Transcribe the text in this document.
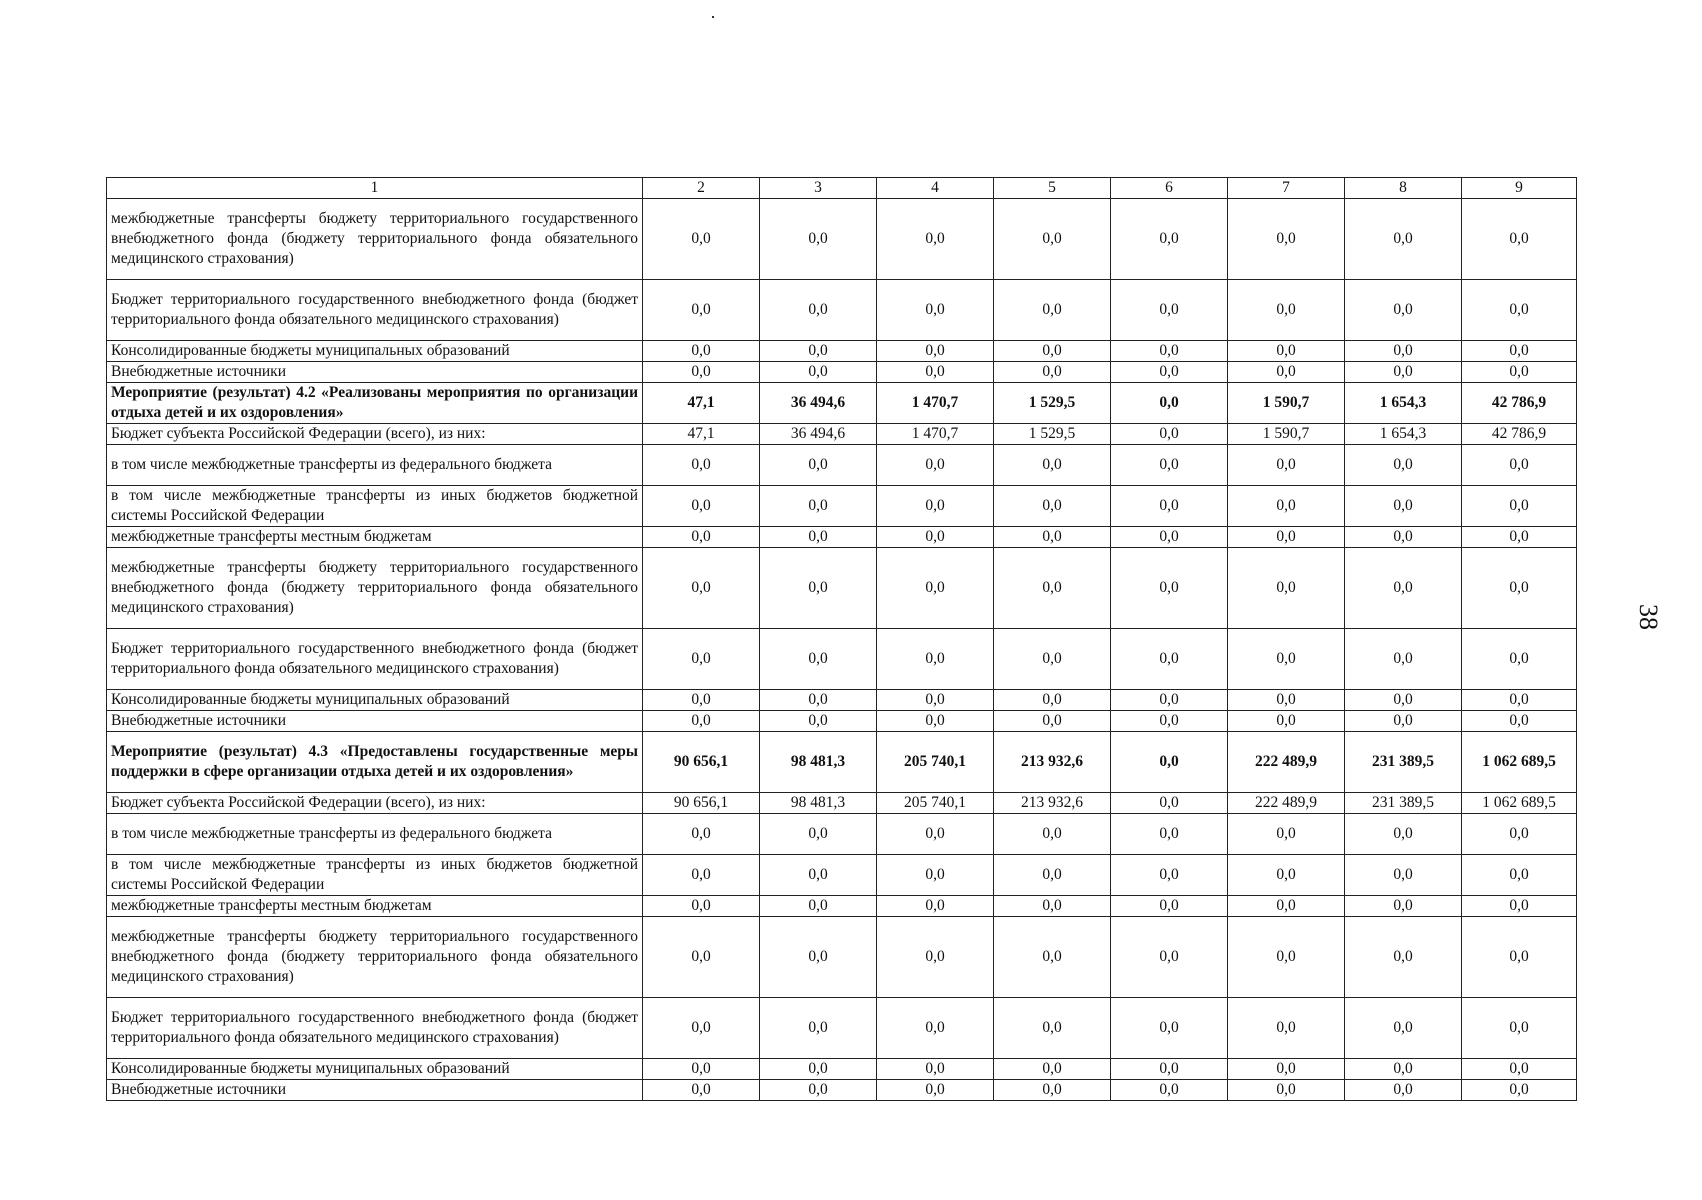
38
1	2	3	4	5	6	7	8	9
межбюджетные трансферты бюджету территориального государственного внебюджетного фонда (бюджету территориального фонда обязательного медицинского страхования)	0,0	0,0	0,0	0,0	0,0	0,0	0,0	0,0
Бюджет территориального государственного внебюджетного фонда (бюджет территориального фонда обязательного медицинского страхования)	0,0	0,0	0,0	0,0	0,0	0,0	0,0	0,0
Консолидированные бюджеты муниципальных образований	0,0	0,0	0,0	0,0	0,0	0,0	0,0	0,0
Внебюджетные источники	0,0	0,0	0,0	0,0	0,0	0,0	0,0	0,0
Мероприятие (результат) 4.2 «Реализованы мероприятия по организации отдыха детей и их оздоровления»	47,1	36 494,6	1 470,7	1 529,5	0,0	1 590,7	1 654,3	42 786,9
Бюджет субъекта Российской Федерации (всего), из них:	47,1	36 494,6	1 470,7	1 529,5	0,0	1 590,7	1 654,3	42 786,9
в том числе межбюджетные трансферты из федерального бюджета	0,0	0,0	0,0	0,0	0,0	0,0	0,0	0,0
в том числе межбюджетные трансферты из иных бюджетов бюджетной системы Российской Федерации	0,0	0,0	0,0	0,0	0,0	0,0	0,0	0,0
межбюджетные трансферты местным бюджетам	0,0	0,0	0,0	0,0	0,0	0,0	0,0	0,0
межбюджетные трансферты бюджету территориального государственного внебюджетного фонда (бюджету территориального фонда обязательного медицинского страхования)	0,0	0,0	0,0	0,0	0,0	0,0	0,0	0,0
Бюджет территориального государственного внебюджетного фонда (бюджет территориального фонда обязательного медицинского страхования)	0,0	0,0	0,0	0,0	0,0	0,0	0,0	0,0
Консолидированные бюджеты муниципальных образований	0,0	0,0	0,0	0,0	0,0	0,0	0,0	0,0
Внебюджетные источники	0,0	0,0	0,0	0,0	0,0	0,0	0,0	0,0
Мероприятие (результат) 4.3 «Предоставлены государственные меры поддержки в сфере организации отдыха детей и их оздоровления»	90 656,1	98 481,3	205 740,1	213 932,6	0,0	222 489,9	231 389,5	1 062 689,5
Бюджет субъекта Российской Федерации (всего), из них:	90 656,1	98 481,3	205 740,1	213 932,6	0,0	222 489,9	231 389,5	1 062 689,5
в том числе межбюджетные трансферты из федерального бюджета	0,0	0,0	0,0	0,0	0,0	0,0	0,0	0,0
в том числе межбюджетные трансферты из иных бюджетов бюджетной системы Российской Федерации	0,0	0,0	0,0	0,0	0,0	0,0	0,0	0,0
межбюджетные трансферты местным бюджетам	0,0	0,0	0,0	0,0	0,0	0,0	0,0	0,0
межбюджетные трансферты бюджету территориального государственного внебюджетного фонда (бюджету территориального фонда обязательного медицинского страхования)	0,0	0,0	0,0	0,0	0,0	0,0	0,0	0,0
Бюджет территориального государственного внебюджетного фонда (бюджет территориального фонда обязательного медицинского страхования)	0,0	0,0	0,0	0,0	0,0	0,0	0,0	0,0
Консолидированные бюджеты муниципальных образований	0,0	0,0	0,0	0,0	0,0	0,0	0,0	0,0
Внебюджетные источники	0,0	0,0	0,0	0,0	0,0	0,0	0,0	0,0
